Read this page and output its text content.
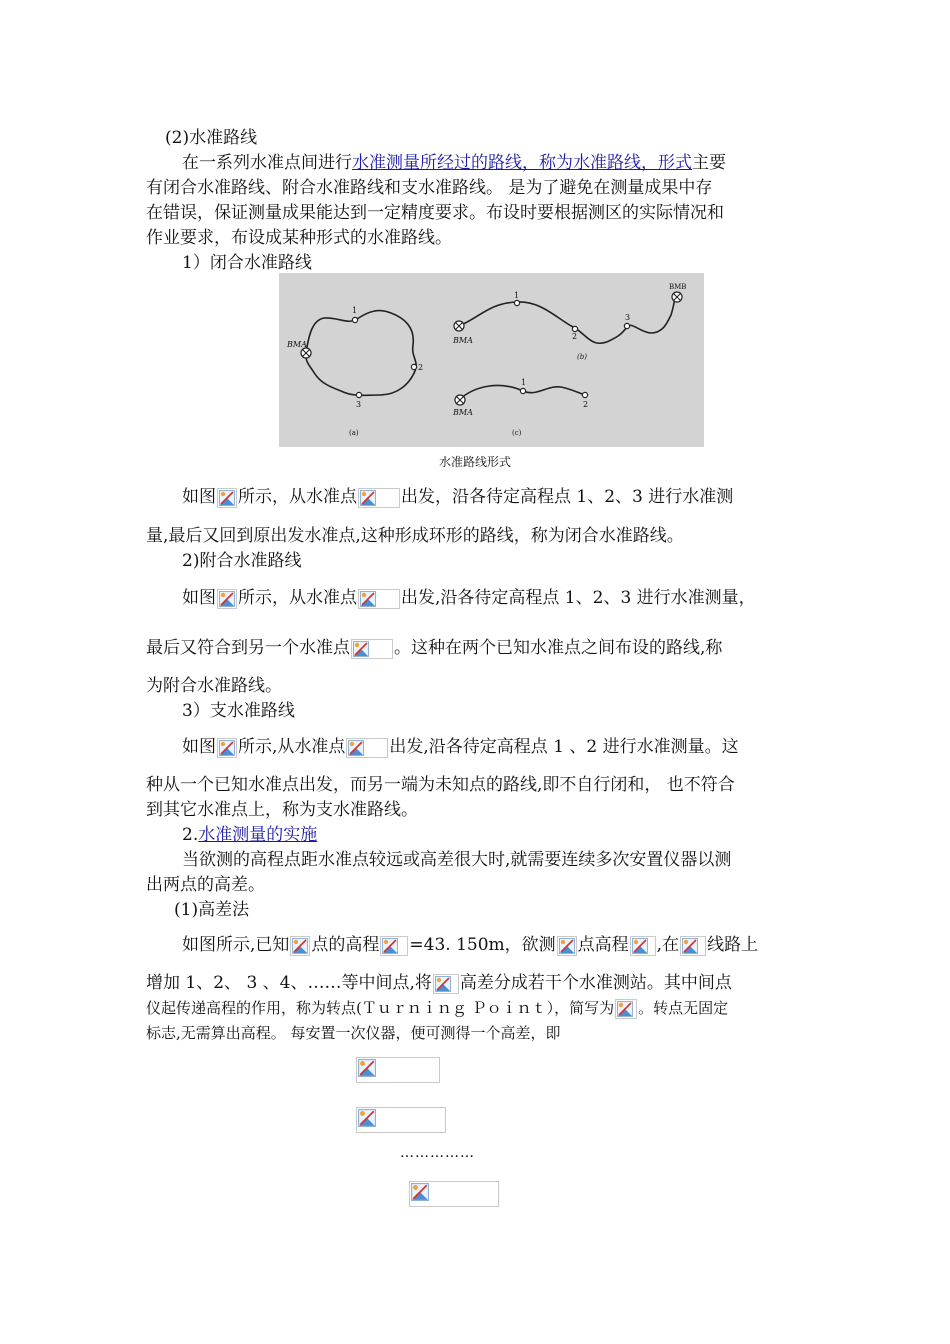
(2)水准路线
在一系列水准点间进行水准测量所经过的路线，称为水准路线，形式主要
有闭合水准路线、附合水准路线和支水准路线。 是为了避免在测量成果中存
在错误，保证测量成果能达到一定精度要求。布设时要根据测区的实际情况和
作业要求，布设成某种形式的水准路线。
1）闭合水准路线
BMA
1
2
3
(a)
BMA
BMB
1
2
3
(b)
BMA
1
2
(c)
水准路线形式
如图 所示，从水准点	出发，沿各待定高程点 1、2、3 进行水准测
量,最后又回到原出发水准点,这种形成环形的路线，称为闭合水准路线。
2)附合水准路线
如图 所示，从水准点	出发,沿各待定高程点 1、2、3 进行水准测量，
最后又符合到另一个水准点	。这种在两个已知水准点之间布设的路线,称
为附合水准路线。
3）支水准路线
如图 所示,从水准点	出发,沿各待定高程点 1 、2 进行水准测量。这
种从一个已知水准点出发，而另一端为未知点的路线,即不自行闭和， 也不符合
到其它水准点上，称为支水准路线。
2.水准测量的实施
当欲测的高程点距水准点较远或高差很大时,就需要连续多次安置仪器以测
出两点的高差。
(1)高差法
如图所示,已知 点的高程 =43. 150m，欲测 点高程 ,在 线路上
增加 1、2、 3 、4、……等中间点,将 高差分成若干个水准测站。其中间点
仪起传递高程的作用，称为转点(Ｔｕｒｎｉｎｇ Ｐｏｉｎｔ），简写为 。转点无固定
标志,无需算出高程。 每安置一次仪器，便可测得一个高差，即
……………
